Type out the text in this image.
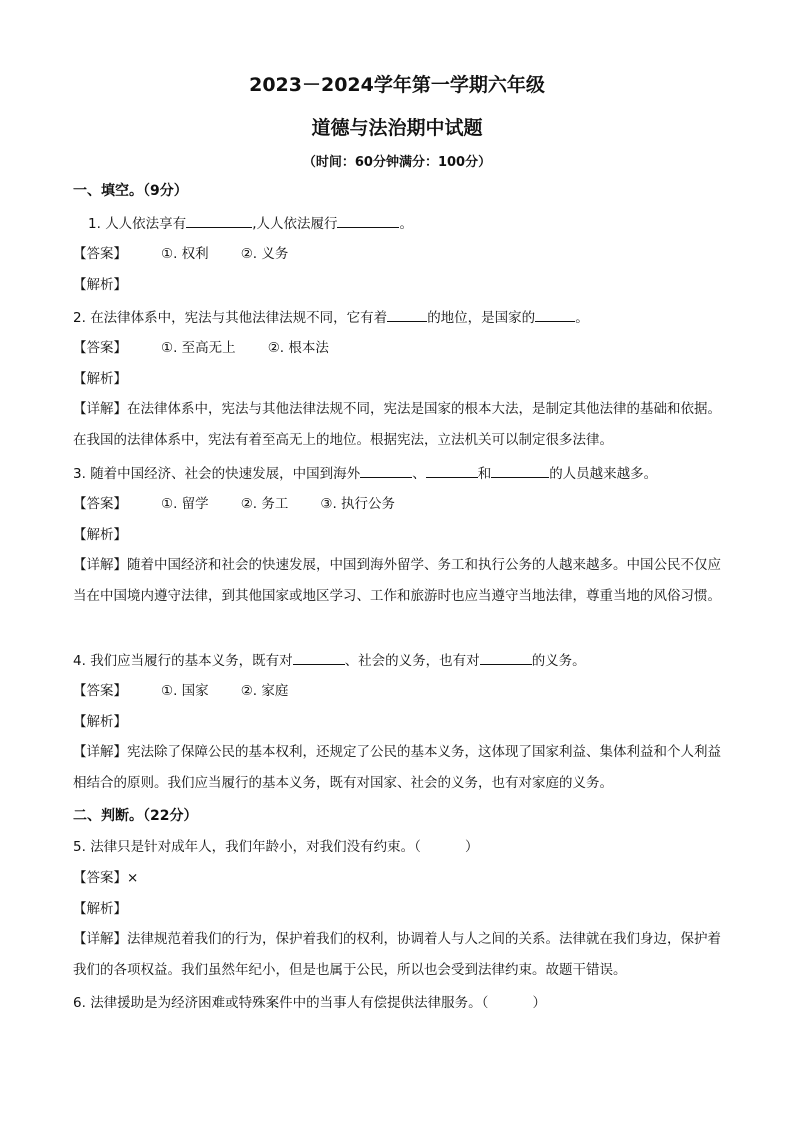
2023－2024学年第一学期六年级
道德与法治期中试题
（时间：60分钟满分：100分）
一、填空。（9分）
1. 人人依法享有	,人人依法履行	。
【答案】	①. 权利 ②. 义务
【解析】
2. 在法律体系中，宪法与其他法律法规不同，它有着	的地位，是国家的	。
【答案】	①. 至高无上 ②. 根本法
【解析】
【详解】在法律体系中，宪法与其他法律法规不同，宪法是国家的根本大法，是制定其他法律的基础和依据。在我国的法律体系中，宪法有着至高无上的地位。根据宪法，立法机关可以制定很多法律。
3. 随着中国经济、社会的快速发展，中国到海外	、	和	的人员越来越多。
【答案】	①. 留学 ②. 务工 ③. 执行公务
【解析】
【详解】随着中国经济和社会的快速发展，中国到海外留学、务工和执行公务的人越来越多。中国公民不仅应当在中国境内遵守法律，到其他国家或地区学习、工作和旅游时也应当遵守当地法律，尊重当地的风俗习惯。
4. 我们应当履行的基本义务，既有对	、社会的义务，也有对	的义务。
【答案】	①. 国家 ②. 家庭
【解析】
【详解】宪法除了保障公民的基本权利，还规定了公民的基本义务，这体现了国家利益、集体利益和个人利益相结合的原则。我们应当履行的基本义务，既有对国家、社会的义务，也有对家庭的义务。
二、判断。（22分）
5. 法律只是针对成年人，我们年龄小，对我们没有约束。（	）
【答案】×
【解析】
【详解】法律规范着我们的行为，保护着我们的权利，协调着人与人之间的关系。法律就在我们身边，保护着我们的各项权益。我们虽然年纪小，但是也属于公民，所以也会受到法律约束。故题干错误。
6. 法律援助是为经济困难或特殊案件中的当事人有偿提供法律服务。（	）
